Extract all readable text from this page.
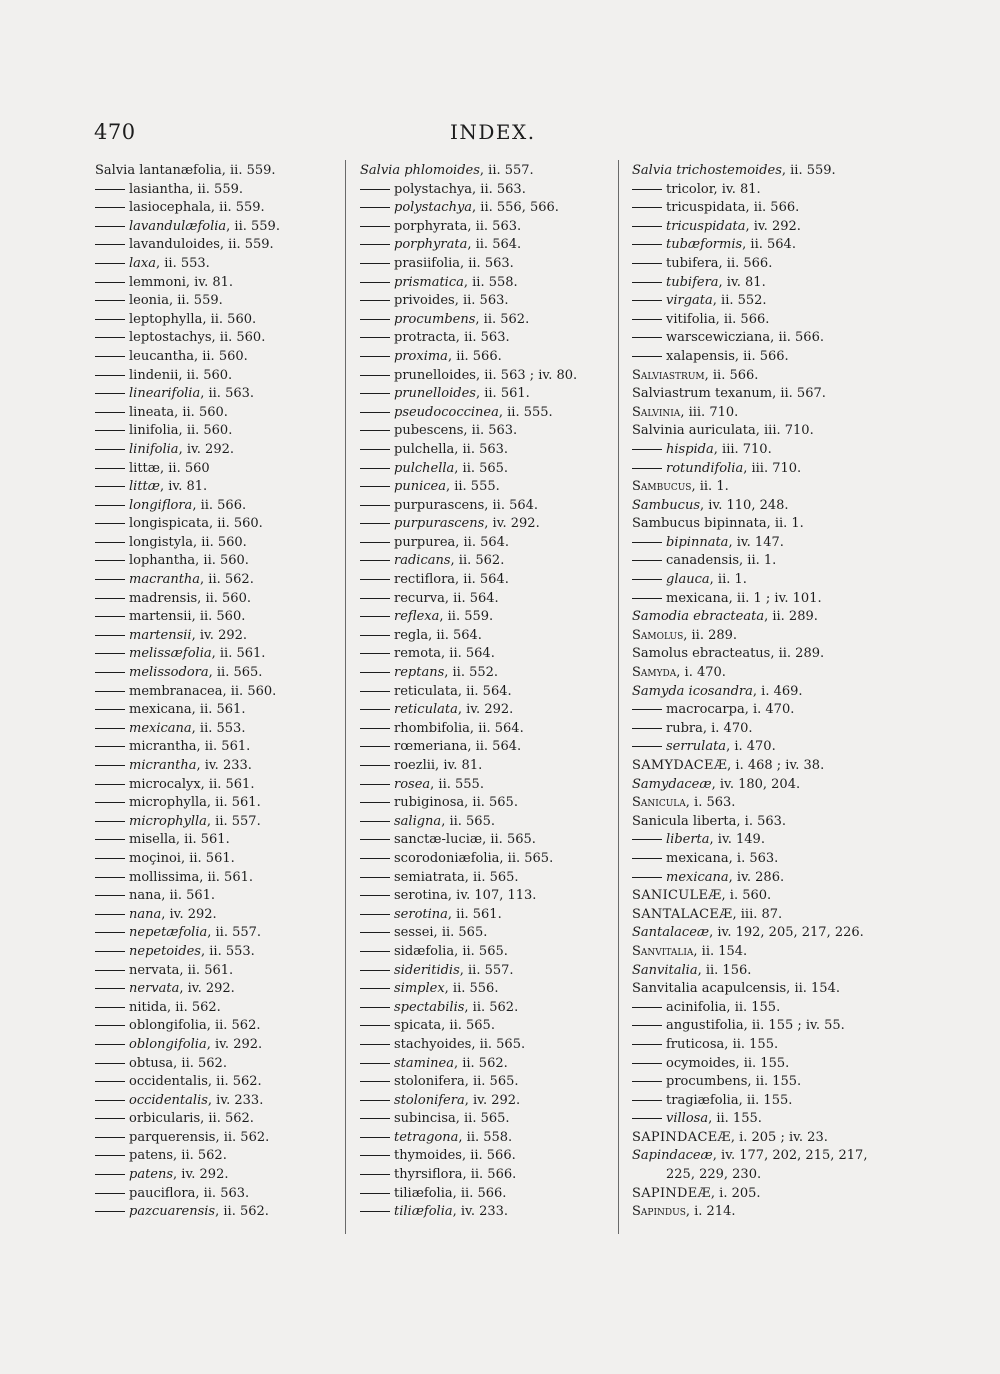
470	INDEX.
Salvia lantanæfolia, ii. 559.
lasiantha, ii. 559.
lasiocephala, ii. 559.
lavandulæfolia, ii. 559.
lavanduloides, ii. 559.
laxa, ii. 553.
lemmoni, iv. 81.
leonia, ii. 559.
leptophylla, ii. 560.
leptostachys, ii. 560.
leucantha, ii. 560.
lindenii, ii. 560.
linearifolia, ii. 563.
lineata, ii. 560.
linifolia, ii. 560.
linifolia, iv. 292.
littæ, ii. 560
littæ, iv. 81.
longiflora, ii. 566.
longispicata, ii. 560.
longistyla, ii. 560.
lophantha, ii. 560.
macrantha, ii. 562.
madrensis, ii. 560.
martensii, ii. 560.
martensii, iv. 292.
melissæfolia, ii. 561.
melissodora, ii. 565.
membranacea, ii. 560.
mexicana, ii. 561.
mexicana, ii. 553.
micrantha, ii. 561.
micrantha, iv. 233.
microcalyx, ii. 561.
microphylla, ii. 561.
microphylla, ii. 557.
misella, ii. 561.
moçinoi, ii. 561.
mollissima, ii. 561.
nana, ii. 561.
nana, iv. 292.
nepetæfolia, ii. 557.
nepetoides, ii. 553.
nervata, ii. 561.
nervata, iv. 292.
nitida, ii. 562.
oblongifolia, ii. 562.
oblongifolia, iv. 292.
obtusa, ii. 562.
occidentalis, ii. 562.
occidentalis, iv. 233.
orbicularis, ii. 562.
parquerensis, ii. 562.
patens, ii. 562.
patens, iv. 292.
pauciflora, ii. 563.
pazcuarensis, ii. 562.
Salvia phlomoides, ii. 557.
polystachya, ii. 563.
polystachya, ii. 556, 566.
porphyrata, ii. 563.
porphyrata, ii. 564.
prasiifolia, ii. 563.
prismatica, ii. 558.
privoides, ii. 563.
procumbens, ii. 562.
protracta, ii. 563.
proxima, ii. 566.
prunelloides, ii. 563 ; iv. 80.
prunelloides, ii. 561.
pseudococcinea, ii. 555.
pubescens, ii. 563.
pulchella, ii. 563.
pulchella, ii. 565.
punicea, ii. 555.
purpurascens, ii. 564.
purpurascens, iv. 292.
purpurea, ii. 564.
radicans, ii. 562.
rectiflora, ii. 564.
recurva, ii. 564.
reflexa, ii. 559.
regla, ii. 564.
remota, ii. 564.
reptans, ii. 552.
reticulata, ii. 564.
reticulata, iv. 292.
rhombifolia, ii. 564.
rœmeriana, ii. 564.
roezlii, iv. 81.
rosea, ii. 555.
rubiginosa, ii. 565.
saligna, ii. 565.
sanctæ-luciæ, ii. 565.
scorodoniæfolia, ii. 565.
semiatrata, ii. 565.
serotina, iv. 107, 113.
serotina, ii. 561.
sessei, ii. 565.
sidæfolia, ii. 565.
sideritidis, ii. 557.
simplex, ii. 556.
spectabilis, ii. 562.
spicata, ii. 565.
stachyoides, ii. 565.
staminea, ii. 562.
stolonifera, ii. 565.
stolonifera, iv. 292.
subincisa, ii. 565.
tetragona, ii. 558.
thymoides, ii. 566.
thyrsiflora, ii. 566.
tiliæfolia, ii. 566.
tiliæfolia, iv. 233.
Salvia trichostemoides, ii. 559.
tricolor, iv. 81.
tricuspidata, ii. 566.
tricuspidata, iv. 292.
tubæformis, ii. 564.
tubifera, ii. 566.
tubifera, iv. 81.
virgata, ii. 552.
vitifolia, ii. 566.
warscewicziana, ii. 566.
xalapensis, ii. 566.
Salviastrum, ii. 566.
Salviastrum texanum, ii. 567.
Salvinia, iii. 710.
Salvinia auriculata, iii. 710.
hispida, iii. 710.
rotundifolia, iii. 710.
Sambucus, ii. 1.
Sambucus, iv. 110, 248.
Sambucus bipinnata, ii. 1.
bipinnata, iv. 147.
canadensis, ii. 1.
glauca, ii. 1.
mexicana, ii. 1 ; iv. 101.
Samodia ebracteata, ii. 289.
Samolus, ii. 289.
Samolus ebracteatus, ii. 289.
Samyda, i. 470.
Samyda icosandra, i. 469.
macrocarpa, i. 470.
rubra, i. 470.
serrulata, i. 470.
SAMYDACEÆ, i. 468 ; iv. 38.
Samydaceæ, iv. 180, 204.
Sanicula, i. 563.
Sanicula liberta, i. 563.
liberta, iv. 149.
mexicana, i. 563.
mexicana, iv. 286.
SANICULEÆ, i. 560.
SANTALACEÆ, iii. 87.
Santalaceæ, iv. 192, 205, 217, 226.
Sanvitalia, ii. 154.
Sanvitalia, ii. 156.
Sanvitalia acapulcensis, ii. 154.
acinifolia, ii. 155.
angustifolia, ii. 155 ; iv. 55.
fruticosa, ii. 155.
ocymoides, ii. 155.
procumbens, ii. 155.
tragiæfolia, ii. 155.
villosa, ii. 155.
SAPINDACEÆ, i. 205 ; iv. 23.
Sapindaceæ, iv. 177, 202, 215, 217,
225, 229, 230.
SAPINDEÆ, i. 205.
Sapindus, i. 214.
